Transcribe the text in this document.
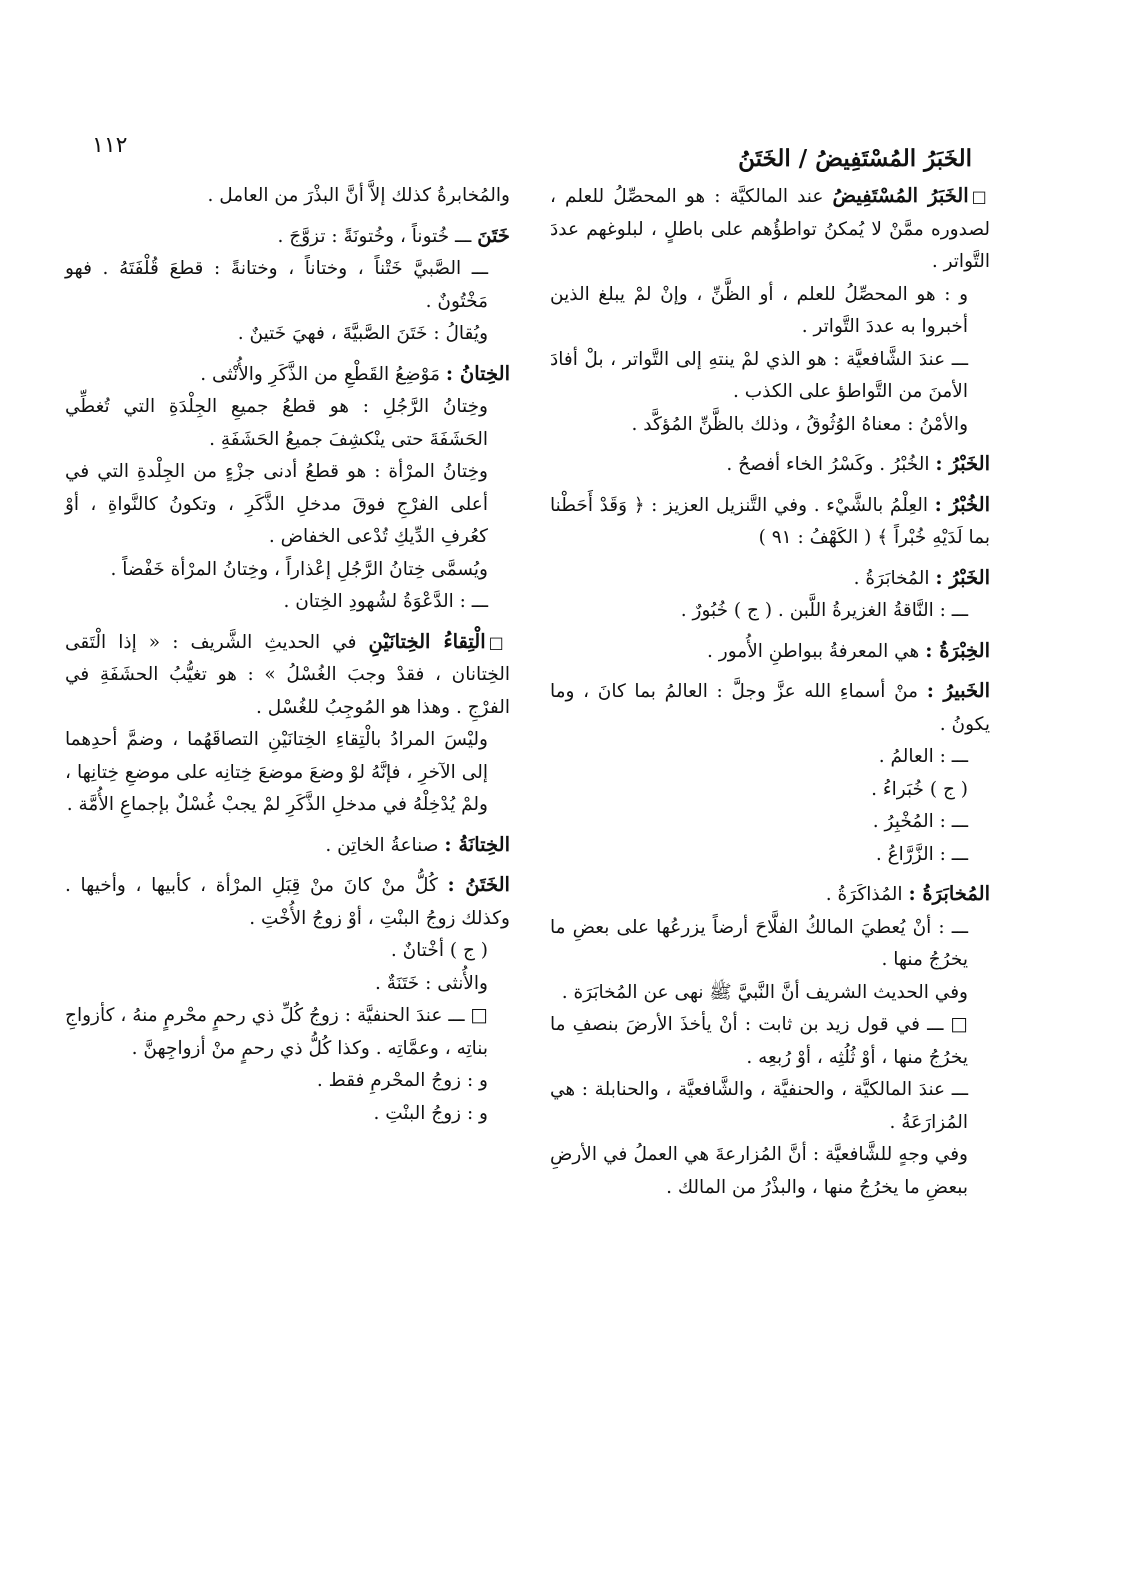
١١٢	الخَبَرُ المُسْتَفِيضُ / الخَتَنُ

□الخَبَرُ المُسْتَفِيضُ عند المالكيَّة : هو المحصِّلُ للعلم ، لصدوره ممَّنْ لا يُمكنُ تواطؤُهم على باطلٍ ، لبلوغهم عددَ التَّواتر .

و : هو المحصِّلُ للعلم ، أو الظَّنِّ ، وإنْ لمْ يبلغ الذين أخبروا به عددَ التَّواتر .

ـــ عندَ الشَّافعيَّة : هو الذي لمْ ينتهِ إلى التَّواتر ، بلْ أفادَ الأمنَ من التَّواطؤ على الكذب .

والأمْنُ : معناهُ الوُثُوقُ ، وذلك بالظَّنِّ المُؤكَّد .

الخَبْرُ : الخُبْرُ . وكَسْرُ الخاء أفصحُ .

الخُبْرُ : العِلْمُ بالشَّيْء . وفي التَّنزيل العزيز : ﴿ وَقَدْ أَحَطْنا بما لَدَيْهِ خُبْراً ﴾ ( الكَهْفُ : ٩١ )

الخَبْرُ : المُخابَرَةُ .

ـــ : النَّاقةُ الغزيرةُ اللَّبن . ( ج ) خُبُورٌ .

الخِبْرَةُ : هي المعرفةُ ببواطنِ الأُمور .

الخَبيرُ : منْ أسماءِ الله عزَّ وجلَّ : العالمُ بما كانَ ، وما يكونُ .

ـــ : العالمُ .

( ج ) خُبَراءُ .

ـــ : المُخْبِرُ .

ـــ : الزَّرَّاعُ .

المُخابَرَةُ : المُذاكَرَةُ .

ـــ : أنْ يُعطيَ المالكُ الفلَّاحَ أرضاً يزرعُها على بعضِ ما يخرُجُ منها .

وفي الحديث الشريف أنَّ النَّبيَّ ﷺ نهى عن المُخابَرَة .

□ ـــ في قول زيد بن ثابت : أنْ يأخذَ الأرضَ بنصفِ ما يخرُجُ منها ، أوْ ثُلُثِه ، أوْ رُبعِه .

ـــ عندَ المالكيَّة ، والحنفيَّة ، والشَّافعيَّة ، والحنابلة : هي المُزارَعَةُ .

وفي وجهٍ للشَّافعيَّة : أنَّ المُزارعةَ هي العملُ في الأرضِ ببعضِ ما يخرُجُ منها ، والبذْرُ من المالك .

والمُخابرةُ كذلك إلاَّ أنَّ البذْرَ من العامل .

خَتَنَ ـــ خُتوناً ، وخُتونَةً : تزوَّجَ .

ـــ الصَّبيَّ خَتْناً ، وختاناً ، وختانةً : قطعَ قُلْفَتَهُ . فهو مَخْتُونٌ .

ويُقالُ : خَتَنَ الصَّبيَّةَ ، فهيَ خَتينٌ .

الخِتانُ : مَوْضِعُ القَطْعِ من الذَّكَرِ والأُنْثى .

وخِتانُ الرَّجُلِ : هو قطعُ جميعِ الجِلْدَةِ التي تُغطِّي الحَشَفَةَ حتى ينْكشِفَ جميعُ الحَشَفَةِ .

وخِتانُ المرْأة : هو قطعُ أدنى جزْءٍ من الجِلْدةِ التي في أعلى الفرْجِ فوقَ مدخلِ الذَّكَرِ ، وتكونُ كالنَّواةِ ، أوْ كعُرفِ الدِّيكِ تُدْعى الخفاض .

ويُسمَّى خِتانُ الرَّجُلِ إعْذاراً ، وخِتانُ المرْأة خَفْضاً .

ـــ : الدَّعْوَةُ لشُهودِ الخِتان .

□الْتِقاءُ الخِتانَيْنِ في الحديثِ الشَّريف : « إذا الْتَقى الخِتانان ، فقدْ وجبَ الغُسْلُ » : هو تغيُّبُ الحشَفَةِ في الفرْجِ . وهذا هو المُوجِبُ للغُسْل .

وليْسَ المرادُ بالْتِقاءِ الخِتانَيْنِ التصاقَهُما ، وضمَّ أحدِهما إلى الآخرِ ، فإنَّهُ لوْ وضعَ موضعَ خِتانِه على موضعِ خِتانِها ، ولمْ يُدْخِلْهُ في مدخلِ الذَّكَرِ لمْ يجبْ غُسْلٌ بإجماعِ الأُمَّة .

الخِتانَةُ : صناعةُ الخاتِن .

الخَتَنُ : كُلُّ منْ كانَ منْ قِبَلِ المرْأة ، كأبيها ، وأخيها . وكذلك زوجُ البنْتِ ، أوْ زوجُ الأُخْتِ .

( ج ) أخْتانٌ .

والأُنثى : خَتَنَةٌ .

□ ـــ عندَ الحنفيَّة : زوجُ كُلِّ ذي رحمٍ محْرمٍ منهُ ، كأزواجِ بناتِه ، وعمَّاتِه . وكذا كُلُّ ذي رحمٍ منْ أزواجِهنَّ .

و : زوجُ المحْرمِ فقط .

و : زوجُ البنْتِ .
